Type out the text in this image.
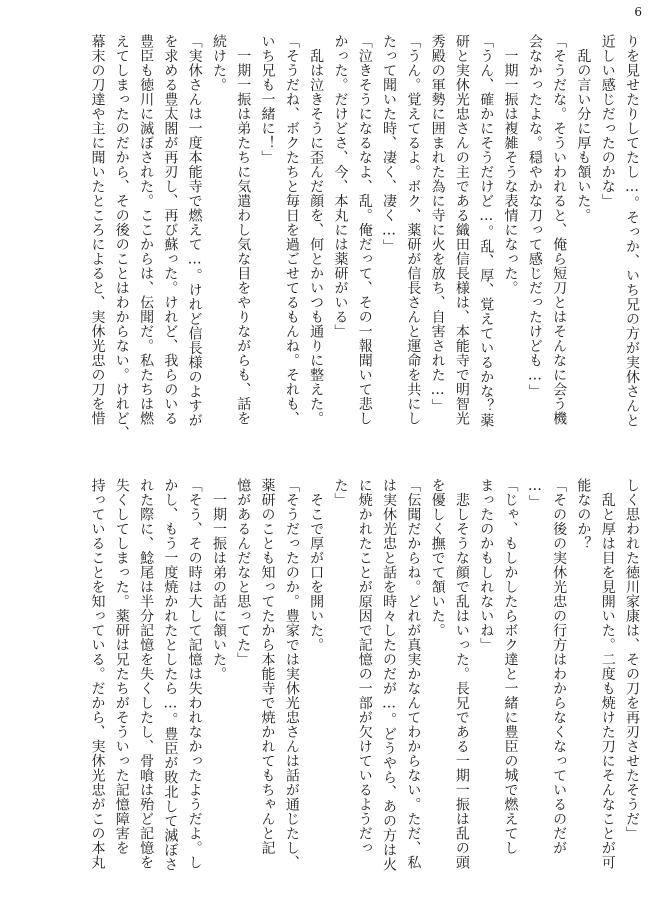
6
りを見せたりしてたし…。そっか、いち兄の方が実休さんと
近しい感じだったのかな」
　乱の言い分に厚も頷いた。
「そうだな。そういわれると、俺ら短刀とはそんなに会う機
会なかったよな。穏やかな刀って感じだったけども…」
　一期一振は複雑そうな表情になった。
「うん、確かにそうだけど…。乱、厚、覚えているかな？薬
研と実休光忠さんの主である織田信長様は、本能寺で明智光
秀殿の軍勢に囲まれた為に寺に火を放ち、自害された…」
「うん。覚えてるよ。ボク、薬研が信長さんと運命を共にし
たって聞いた時、凄く、凄く…」
「泣きそうになるなよ、乱。俺だって、その一報聞いて悲し
かった。だけどさ、今、本丸には薬研がいる」
　乱は泣きそうに歪んだ顔を、何とかいつも通りに整えた。
「そうだね、ボクたちと毎日を過ごせてるもんね。それも、
いち兄も一緒に！」
　一期一振は弟たちに気遣わし気な目をやりながらも、話を
続けた。
「実休さんは一度本能寺で燃えて…。けれど信長様のよすが
を求める豊太閤が再刃し、再び蘇った。けれど、我らのいる
豊臣も徳川に滅ぼされた。ここからは、伝聞だ。私たちは燃
えてしまったのだから、その後のことはわからない。けれど、
幕末の刀達や主に聞いたところによると、実休光忠の刀を惜
しく思われた徳川家康は、その刀を再刃させたそうだ」
　乱と厚は目を見開いた。二度も焼けた刀にそんなことが可
能なのか？
「その後の実休光忠の行方はわからなくなっているのだが
…」
「じゃ、もしかしたらボク達と一緒に豊臣の城で燃えてし
まったのかもしれないね」
　悲しそうな顔で乱はいった。長兄である一期一振は乱の頭
を優しく撫でて頷いた。
「伝聞だからね。どれが真実かなんてわからない。ただ、私
は実休光忠と話を時々したのだが…。どうやら、あの方は火
に焼かれたことが原因で記憶の一部が欠けているようだっ
た」
　そこで厚が口を開いた。
「そうだったのか。豊家では実休光忠さんは話が通じたし、
薬研のことも知ってたから本能寺で焼かれてもちゃんと記
憶があるんだなと思ってた」
　一期一振は弟の話に頷いた。
「そう、その時は大して記憶は失われなかったようだよ。し
かし、もう一度焼かれたとしたら…。豊臣が敗北して滅ぼさ
れた際に、鯰尾は半分記憶を失くしたし、骨喰は殆ど記憶を
失くしてしまった。薬研は兄たちがそういった記憶障害を
持っていることを知っている。だから、実休光忠がこの本丸
